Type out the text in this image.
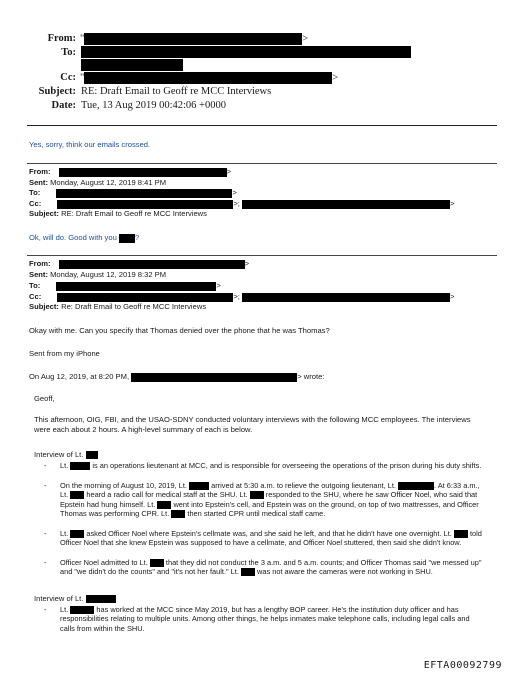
From: "	>
To:
Cc: "	>
Subject: RE: Draft Email to Geoff re MCC Interviews
Date: Tue, 13 Aug 2019 00:42:06 +0000
Yes, sorry, think our emails crossed.
From:	>
Sent: Monday, August 12, 2019 8:41 PM
To:	>
Cc:	>;	>
Subject: RE: Draft Email to Geoff re MCC Interviews
Ok, will do. Good with you ?
From:	>
Sent: Monday, August 12, 2019 8:32 PM
To:	>
Cc:	>;	>
Subject: Re: Draft Email to Geoff re MCC Interviews
Okay with me. Can you specify that Thomas denied over the phone that he was Thomas?
Sent from my iPhone
On Aug 12, 2019, at 8:20 PM,	> wrote:
Geoff,
This afternoon, OIG, FBI, and the USAO-SDNY conducted voluntary interviews with the following MCC employees. The interviews were each about 2 hours. A high-level summary of each is below.
Interview of Lt.
- Lt.	is an operations lieutenant at MCC, and is responsible for overseeing the operations of the prison during his duty shifts.
- On the morning of August 10, 2019, Lt.	arrived at 5:30 a.m. to relieve the outgoing lieutenant, Lt.	. At 6:33 a.m., Lt. heard a radio call for medical staff at the SHU. Lt. responded to the SHU, where he saw Officer Noel, who said that Epstein had hung himself. Lt. went into Epstein's cell, and Epstein was on the ground, on top of two mattresses, and Officer Thomas was performing CPR. Lt. then started CPR until medical staff came.
- Lt. asked Officer Noel where Epstein's cellmate was, and she said he left, and that he didn't have one overnight. Lt. told Officer Noel that she knew Epstein was supposed to have a cellmate, and Officer Noel stuttered, then said she didn't know.
- Officer Noel admitted to Lt. that they did not conduct the 3 a.m. and 5 a.m. counts; and Officer Thomas said "we messed up" and "we didn't do the counts" and "it's not her fault." Lt. was not aware the cameras were not working in SHU.
Interview of Lt.
- Lt.	has worked at the MCC since May 2019, but has a lengthy BOP career. He's the institution duty officer and has responsibilities relating to multiple units. Among other things, he helps inmates make telephone calls, including legal calls and calls from within the SHU.
EFTA00092799
